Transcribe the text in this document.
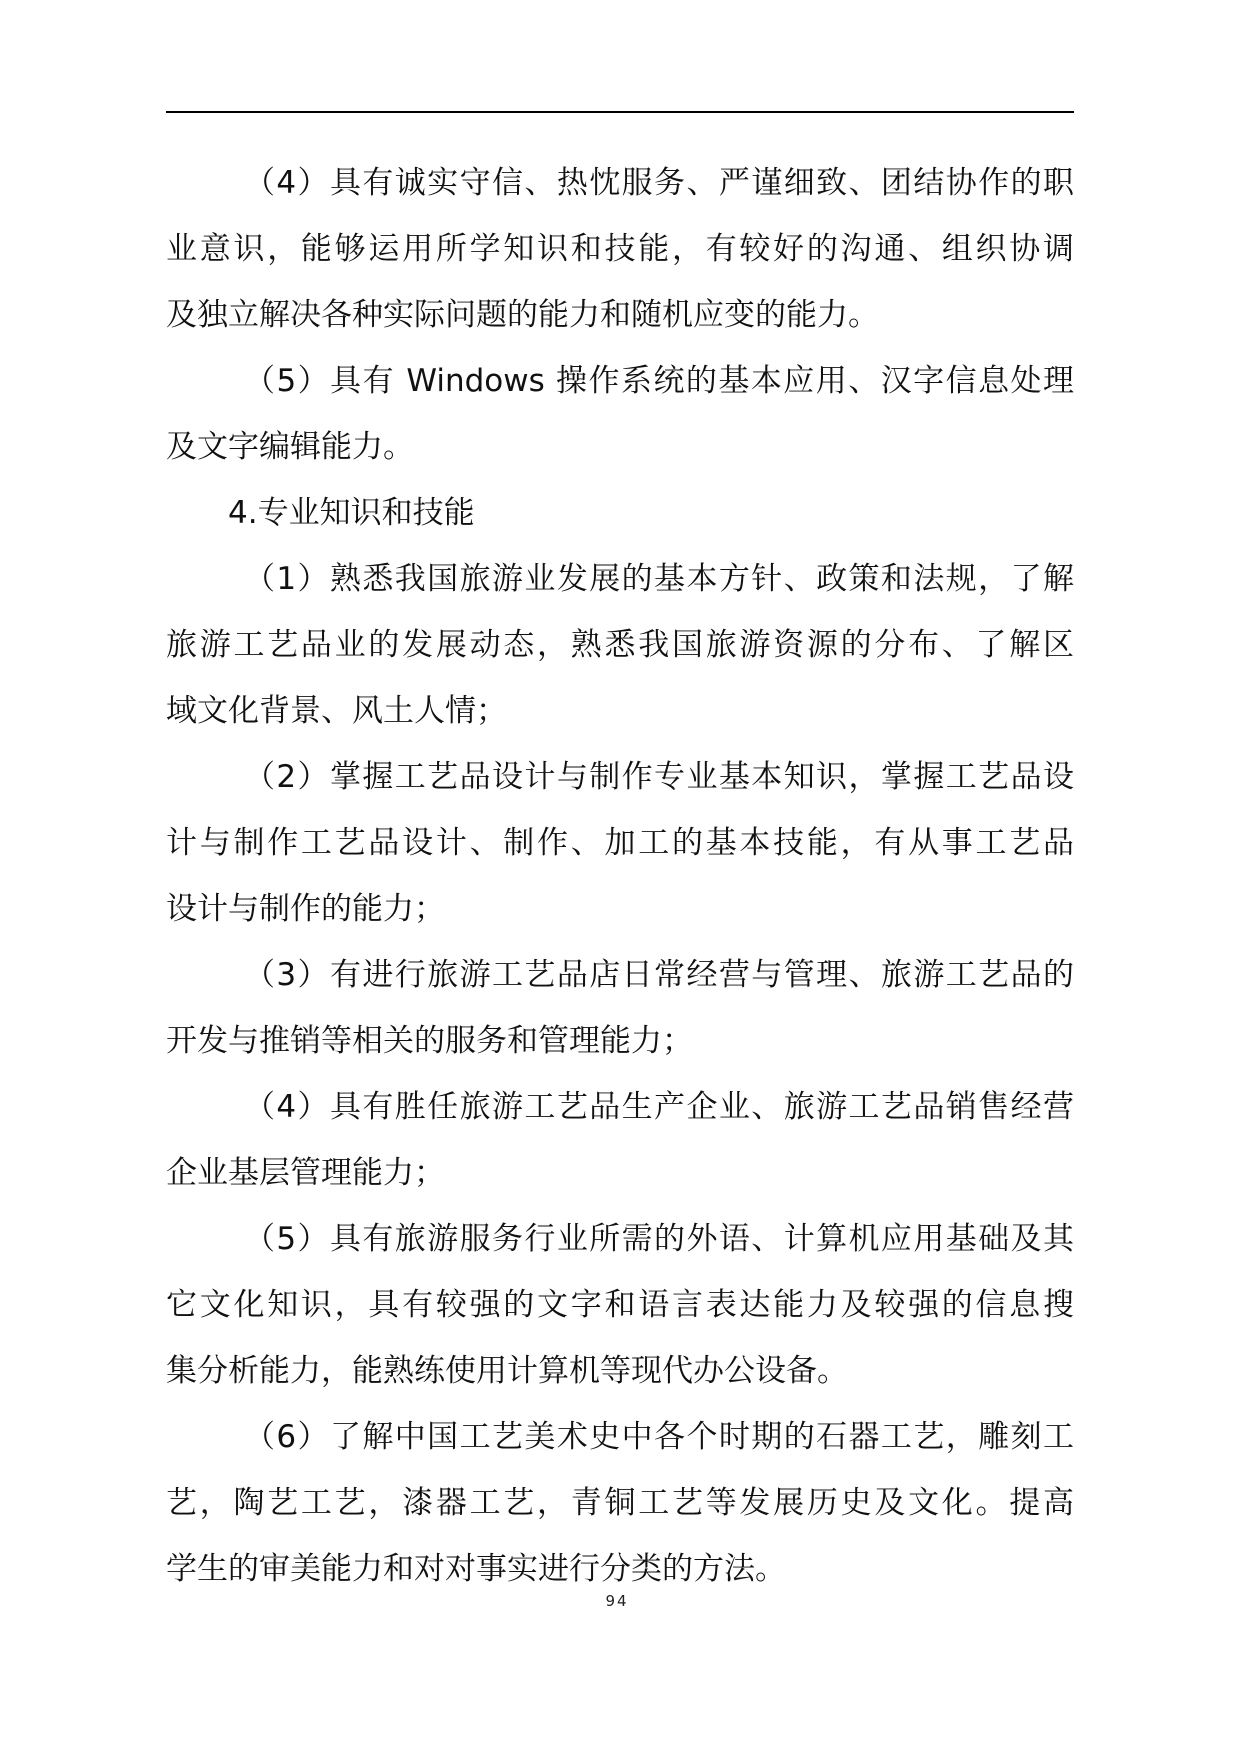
（4）具有诚实守信、热忱服务、严谨细致、团结协作的职
业意识，能够运用所学知识和技能，有较好的沟通、组织协调
及独立解决各种实际问题的能力和随机应变的能力。
（5）具有 Windows 操作系统的基本应用、汉字信息处理
及文字编辑能力。
4.专业知识和技能
（1）熟悉我国旅游业发展的基本方针、政策和法规，了解
旅游工艺品业的发展动态，熟悉我国旅游资源的分布、了解区
域文化背景、风土人情；
（2）掌握工艺品设计与制作专业基本知识，掌握工艺品设
计与制作工艺品设计、制作、加工的基本技能，有从事工艺品
设计与制作的能力；
（3）有进行旅游工艺品店日常经营与管理、旅游工艺品的
开发与推销等相关的服务和管理能力；
（4）具有胜任旅游工艺品生产企业、旅游工艺品销售经营
企业基层管理能力；
（5）具有旅游服务行业所需的外语、计算机应用基础及其
它文化知识，具有较强的文字和语言表达能力及较强的信息搜
集分析能力，能熟练使用计算机等现代办公设备。
（6）了解中国工艺美术史中各个时期的石器工艺，雕刻工
艺，陶艺工艺，漆器工艺，青铜工艺等发展历史及文化。提高
学生的审美能力和对对事实进行分类的方法。
94
